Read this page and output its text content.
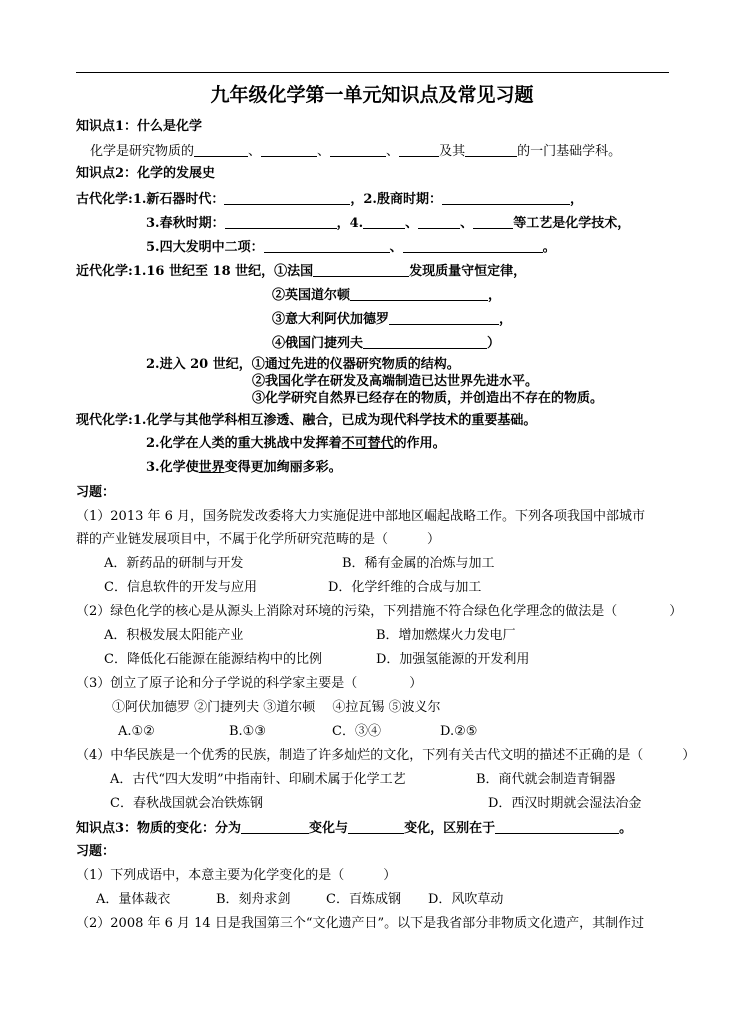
九年级化学第一单元知识点及常见习题
知识点1：什么是化学
化学是研究物质的	、	、	、	及其	的一门基础学科。
知识点2：化学的发展史
古代化学:1.新石器时代：	，2.殷商时期：	，
3.春秋时期：	，4.	、	、	等工艺是化学技术，
5.四大发明中二项：	、	。
近代化学:1.16 世纪至 18 世纪，①法国	发现质量守恒定律，
②英国道尔顿	，
③意大利阿伏加德罗	，
④俄国门捷列夫	）
2.进入 20 世纪，①通过先进的仪器研究物质的结构。
②我国化学在研发及高端制造已达世界先进水平。
③化学研究自然界已经存在的物质，并创造出不存在的物质。
现代化学:1.化学与其他学科相互渗透、融合，已成为现代科学技术的重要基础。
2.化学在人类的重大挑战中发挥着不可替代的作用。
3.化学使世界变得更加绚丽多彩。
习题：
（1）2013 年 6 月，国务院发改委将大力实施促进中部地区崛起战略工作。下列各项我国中部城市
群的产业链发展项目中，不属于化学所研究范畴的是（　　　）
A．新药品的研制与开发	B．稀有金属的冶炼与加工
C．信息软件的开发与应用	D．化学纤维的合成与加工
（2）绿色化学的核心是从源头上消除对环境的污染，下列措施不符合绿色化学理念的做法是（　　　　）
A．积极发展太阳能产业	B．增加燃煤火力发电厂
C．降低化石能源在能源结构中的比例	D．加强氢能源的开发利用
（3）创立了原子论和分子学说的科学家主要是（　　　　）
①阿伏加德罗 ②门捷列夫 ③道尔顿　 ④拉瓦锡 ⑤波义尔
A.①②	B.①③	C．③④	D.②⑤
（4）中华民族是一个优秀的民族，制造了许多灿烂的文化，下列有关古代文明的描述不正确的是（　　　）
A．古代“四大发明”中指南针、印刷术属于化学工艺	B．商代就会制造青铜器
C．春秋战国就会冶铁炼钢	D．西汉时期就会湿法冶金
知识点3：物质的变化：分为	变化与	变化，区别在于	。
习题：
（1）下列成语中，本意主要为化学变化的是（　　　）
A．量体裁衣	B．刻舟求剑	C．百炼成钢 D．风吹草动
（2）2008 年 6 月 14 日是我国第三个“文化遗产日”。以下是我省部分非物质文化遗产，其制作过
